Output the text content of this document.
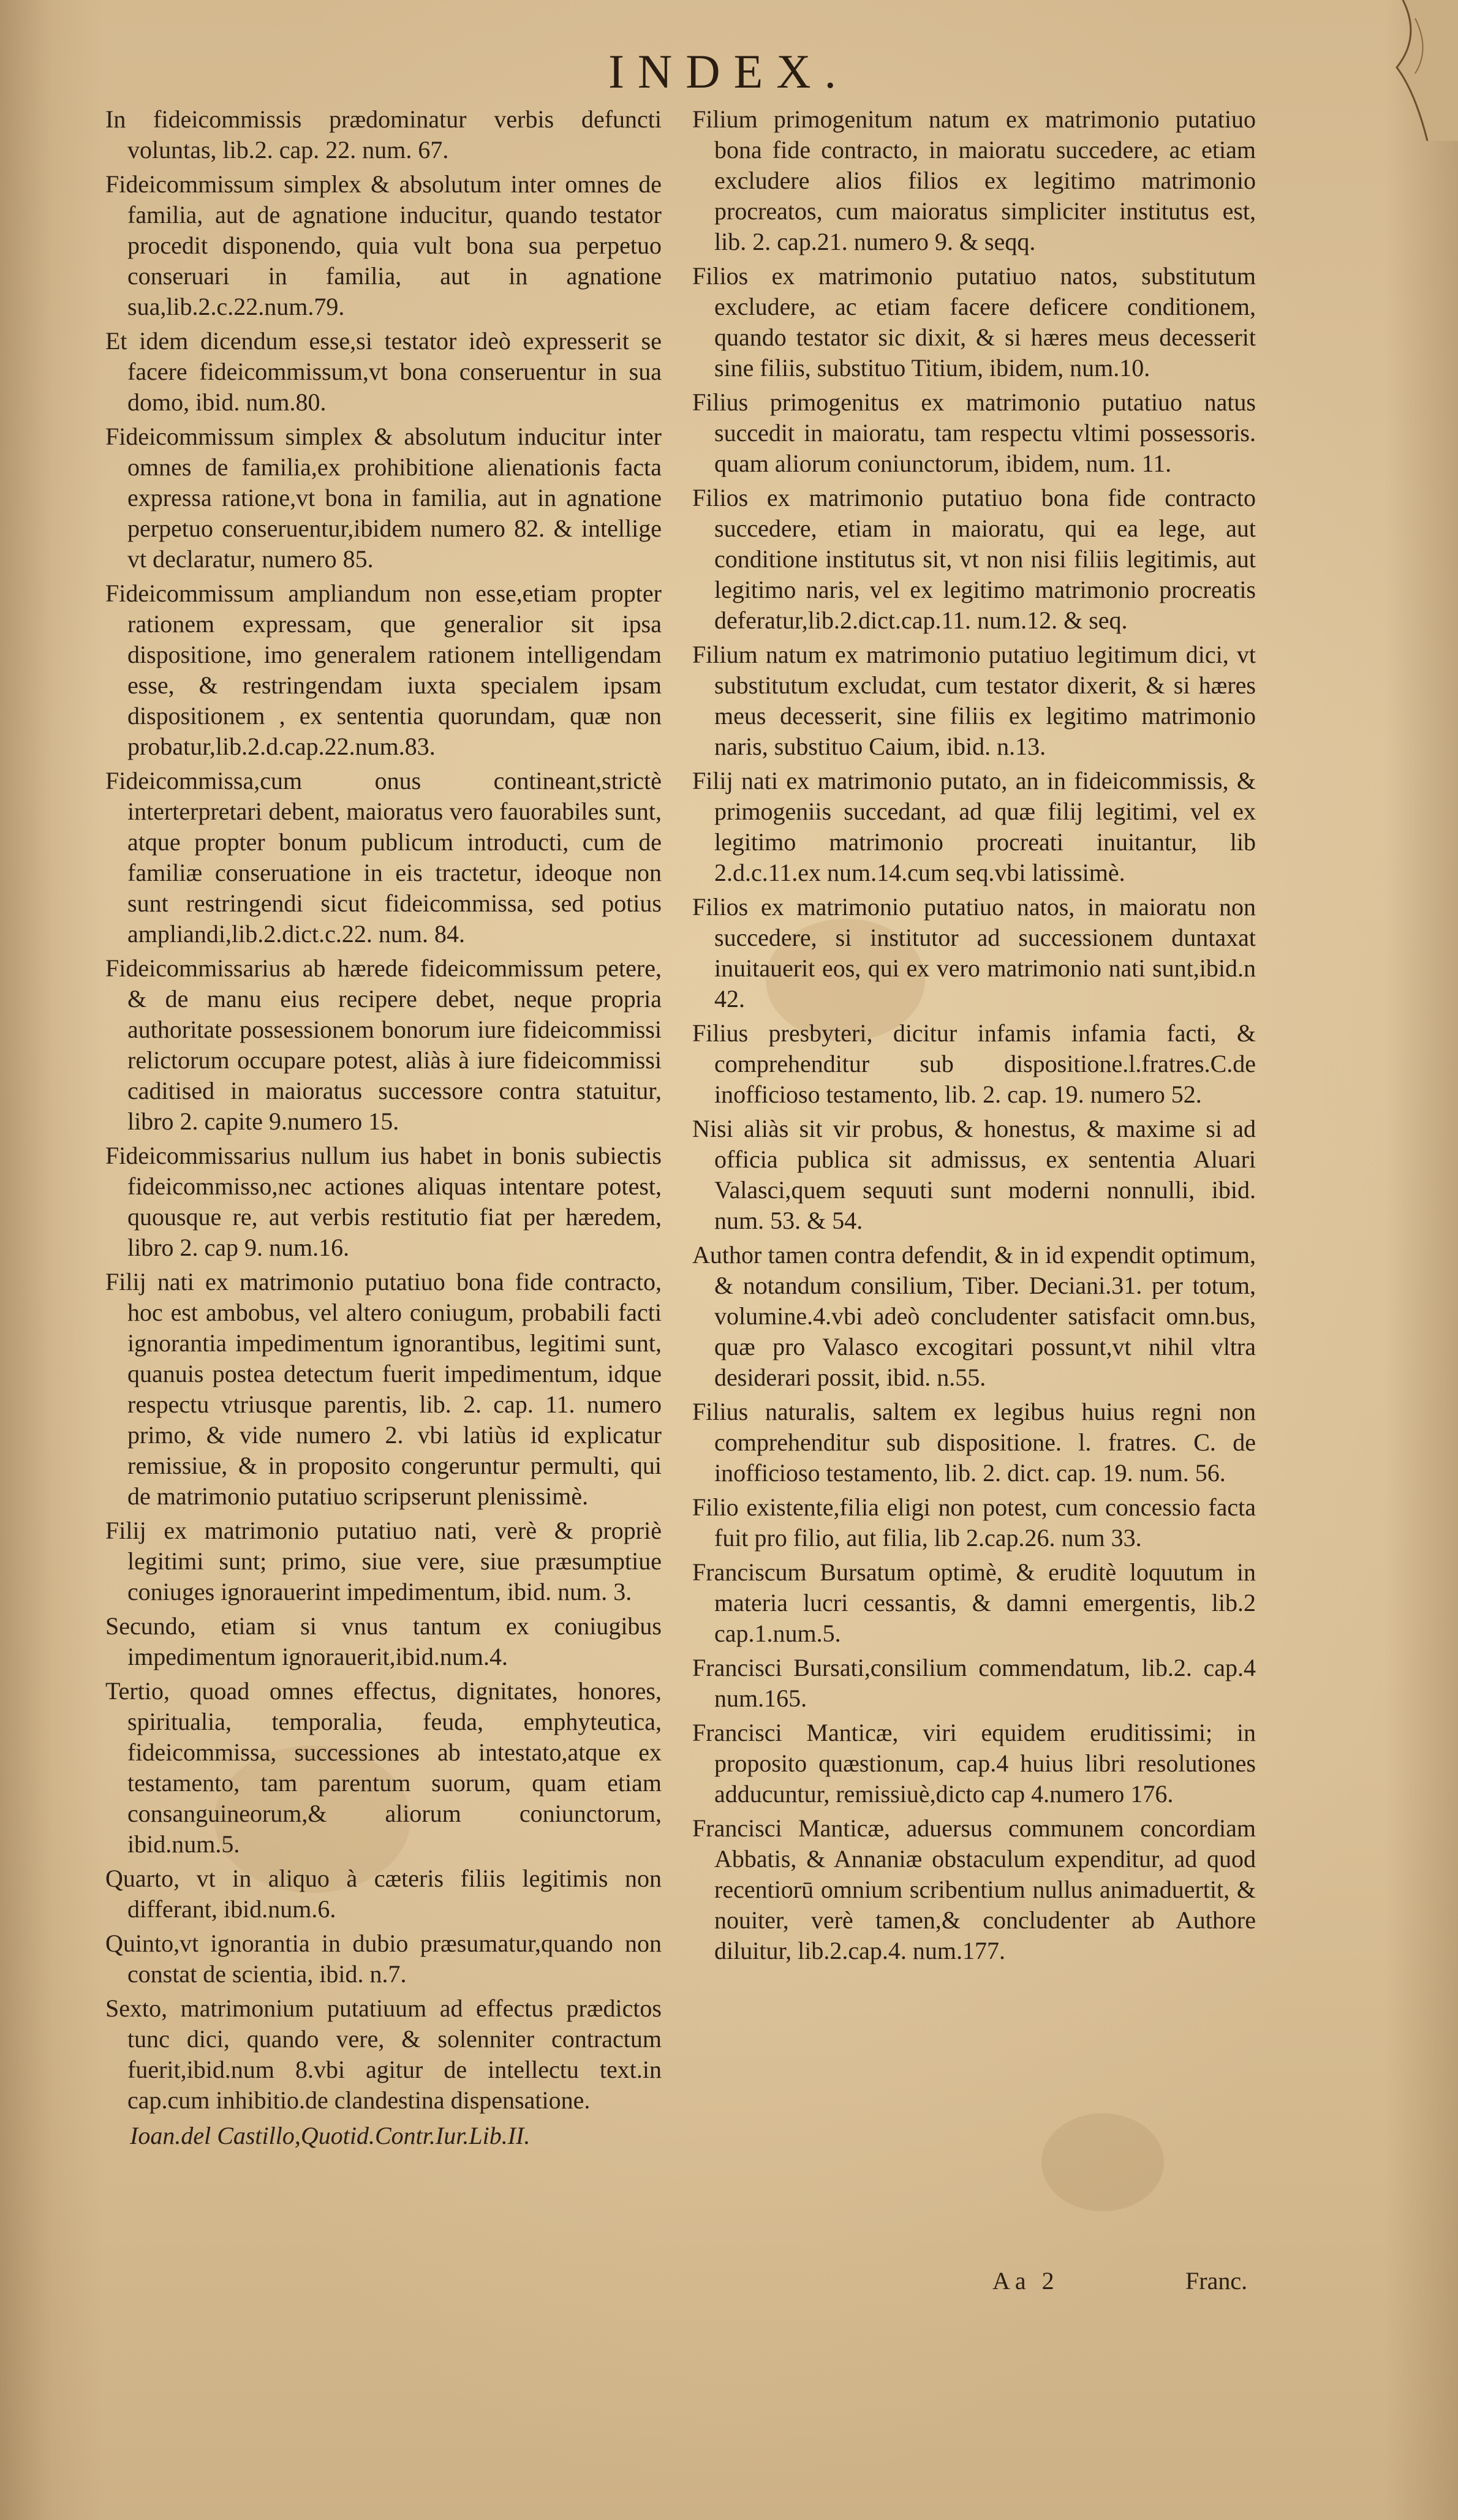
INDEX.

In fideicommissis prædominatur verbis defuncti voluntas, lib.2. cap. 22. num. 67.

Fideicommissum simplex & absolutum inter omnes de familia, aut de agnatione inducitur, quando testator procedit disponendo, quia vult bona sua perpetuo conseruari in familia, aut in agnatione sua,lib.2.c.22.num.79.

Et idem dicendum esse,si testator ideò expresserit se facere fideicommissum,vt bona conseruentur in sua domo, ibid. num.80.

Fideicommissum simplex & absolutum inducitur inter omnes de familia,ex prohibitione alienationis facta expressa ratione,vt bona in familia, aut in agnatione perpetuo conseruentur,ibidem numero 82. & intellige vt declaratur, numero 85.

Fideicommissum ampliandum non esse,etiam propter rationem expressam, que generalior sit ipsa dispositione, imo generalem rationem intelligendam esse, & restringendam iuxta specialem ipsam dispositionem , ex sententia quorundam, quæ non probatur,lib.2.d.cap.22.num.83.

Fideicommissa,cum onus contineant,strictè interterpretari debent, maioratus vero fauorabiles sunt, atque propter bonum publicum introducti, cum de familiæ conseruatione in eis tractetur, ideoque non sunt restringendi sicut fideicommissa, sed potius ampliandi,lib.2.dict.c.22. num. 84.

Fideicommissarius ab hærede fideicommissum petere, & de manu eius recipere debet, neque propria authoritate possessionem bonorum iure fideicommissi relictorum occupare potest, aliàs à iure fideicommissi caditised in maioratus successore contra statuitur, libro 2. capite 9.numero 15.

Fideicommissarius nullum ius habet in bonis subiectis fideicommisso,nec actiones aliquas intentare potest, quousque re, aut verbis restitutio fiat per hæredem, libro 2. cap 9. num.16.

Filij nati ex matrimonio putatiuo bona fide contracto, hoc est ambobus, vel altero coniugum, probabili facti ignorantia impedimentum ignorantibus, legitimi sunt, quanuis postea detectum fuerit impedimentum, idque respectu vtriusque parentis, lib. 2. cap. 11. numero primo, & vide numero 2. vbi latiùs id explicatur remissiue, & in proposito congeruntur permulti, qui de matrimonio putatiuo scripserunt plenissimè.

Filij ex matrimonio putatiuo nati, verè & propriè legitimi sunt; primo, siue vere, siue præsumptiue coniuges ignorauerint impedimentum, ibid. num. 3.

Secundo, etiam si vnus tantum ex coniugibus impedimentum ignorauerit,ibid.num.4.

Tertio, quoad omnes effectus, dignitates, honores, spiritualia, temporalia, feuda, emphyteutica, fideicommissa, successiones ab intestato,atque ex testamento, tam parentum suorum, quam etiam consanguineorum,& aliorum coniunctorum, ibid.num.5.

Quarto, vt in aliquo à cæteris filiis legitimis non differant, ibid.num.6.

Quinto,vt ignorantia in dubio præsumatur,quando non constat de scientia, ibid. n.7.

Sexto, matrimonium putatiuum ad effectus prædictos tunc dici, quando vere, & solenniter contractum fuerit,ibid.num 8.vbi agitur de intellectu text.in cap.cum inhibitio.de clandestina dispensatione.

Ioan.del Castillo,Quotid.Contr.Iur.Lib.II.

Filium primogenitum natum ex matrimonio putatiuo bona fide contracto, in maioratu succedere, ac etiam excludere alios filios ex legitimo matrimonio procreatos, cum maioratus simpliciter institutus est, lib. 2. cap.21. numero 9. & seqq.

Filios ex matrimonio putatiuo natos, substitutum excludere, ac etiam facere deficere conditionem, quando testator sic dixit, & si hæres meus decesserit sine filiis, substituo Titium, ibidem, num.10.

Filius primogenitus ex matrimonio putatiuo natus succedit in maioratu, tam respectu vltimi possessoris. quam aliorum coniunctorum, ibidem, num. 11.

Filios ex matrimonio putatiuo bona fide contracto succedere, etiam in maioratu, qui ea lege, aut conditione institutus sit, vt non nisi filiis legitimis, aut legitimo naris, vel ex legitimo matrimonio procreatis deferatur,lib.2.dict.cap.11. num.12. & seq.

Filium natum ex matrimonio putatiuo legitimum dici, vt substitutum excludat, cum testator dixerit, & si hæres meus decesserit, sine filiis ex legitimo matrimonio naris, substituo Caium, ibid. n.13.

Filij nati ex matrimonio putato, an in fideicommissis, & primogeniis succedant, ad quæ filij legitimi, vel ex legitimo matrimonio procreati inuitantur, lib 2.d.c.11.ex num.14.cum seq.vbi latissimè.

Filios ex matrimonio putatiuo natos, in maioratu non succedere, si institutor ad successionem duntaxat inuitauerit eos, qui ex vero matrimonio nati sunt,ibid.n 42.

Filius presbyteri, dicitur infamis infamia facti, & comprehenditur sub dispositione.l.fratres.C.de inofficioso testamento, lib. 2. cap. 19. numero 52.

Nisi aliàs sit vir probus, & honestus, & maxime si ad officia publica sit admissus, ex sententia Aluari Valasci,quem sequuti sunt moderni nonnulli, ibid. num. 53. & 54.

Author tamen contra defendit, & in id expendit optimum, & notandum consilium, Tiber. Deciani.31. per totum, volumine.4.vbi adeò concludenter satisfacit omn.bus, quæ pro Valasco excogitari possunt,vt nihil vltra desiderari possit, ibid. n.55.

Filius naturalis, saltem ex legibus huius regni non comprehenditur sub dispositione. l. fratres. C. de inofficioso testamento, lib. 2. dict. cap. 19. num. 56.

Filio existente,filia eligi non potest, cum concessio facta fuit pro filio, aut filia, lib 2.cap.26. num 33.

Franciscum Bursatum optimè, & eruditè loquutum in materia lucri cessantis, & damni emergentis, lib.2 cap.1.num.5.

Francisci Bursati,consilium commendatum, lib.2. cap.4 num.165.

Francisci Manticæ, viri equidem eruditissimi; in proposito quæstionum, cap.4 huius libri resolutiones adducuntur, remissiuè,dicto cap 4.numero 176.

Francisci Manticæ, aduersus communem concordiam Abbatis, & Annaniæ obstaculum expenditur, ad quod recentiorū omnium scribentium nullus animaduertit, & nouiter, verè tamen,& concludenter ab Authore diluitur, lib.2.cap.4. num.177.

Aa 2	Franc.
